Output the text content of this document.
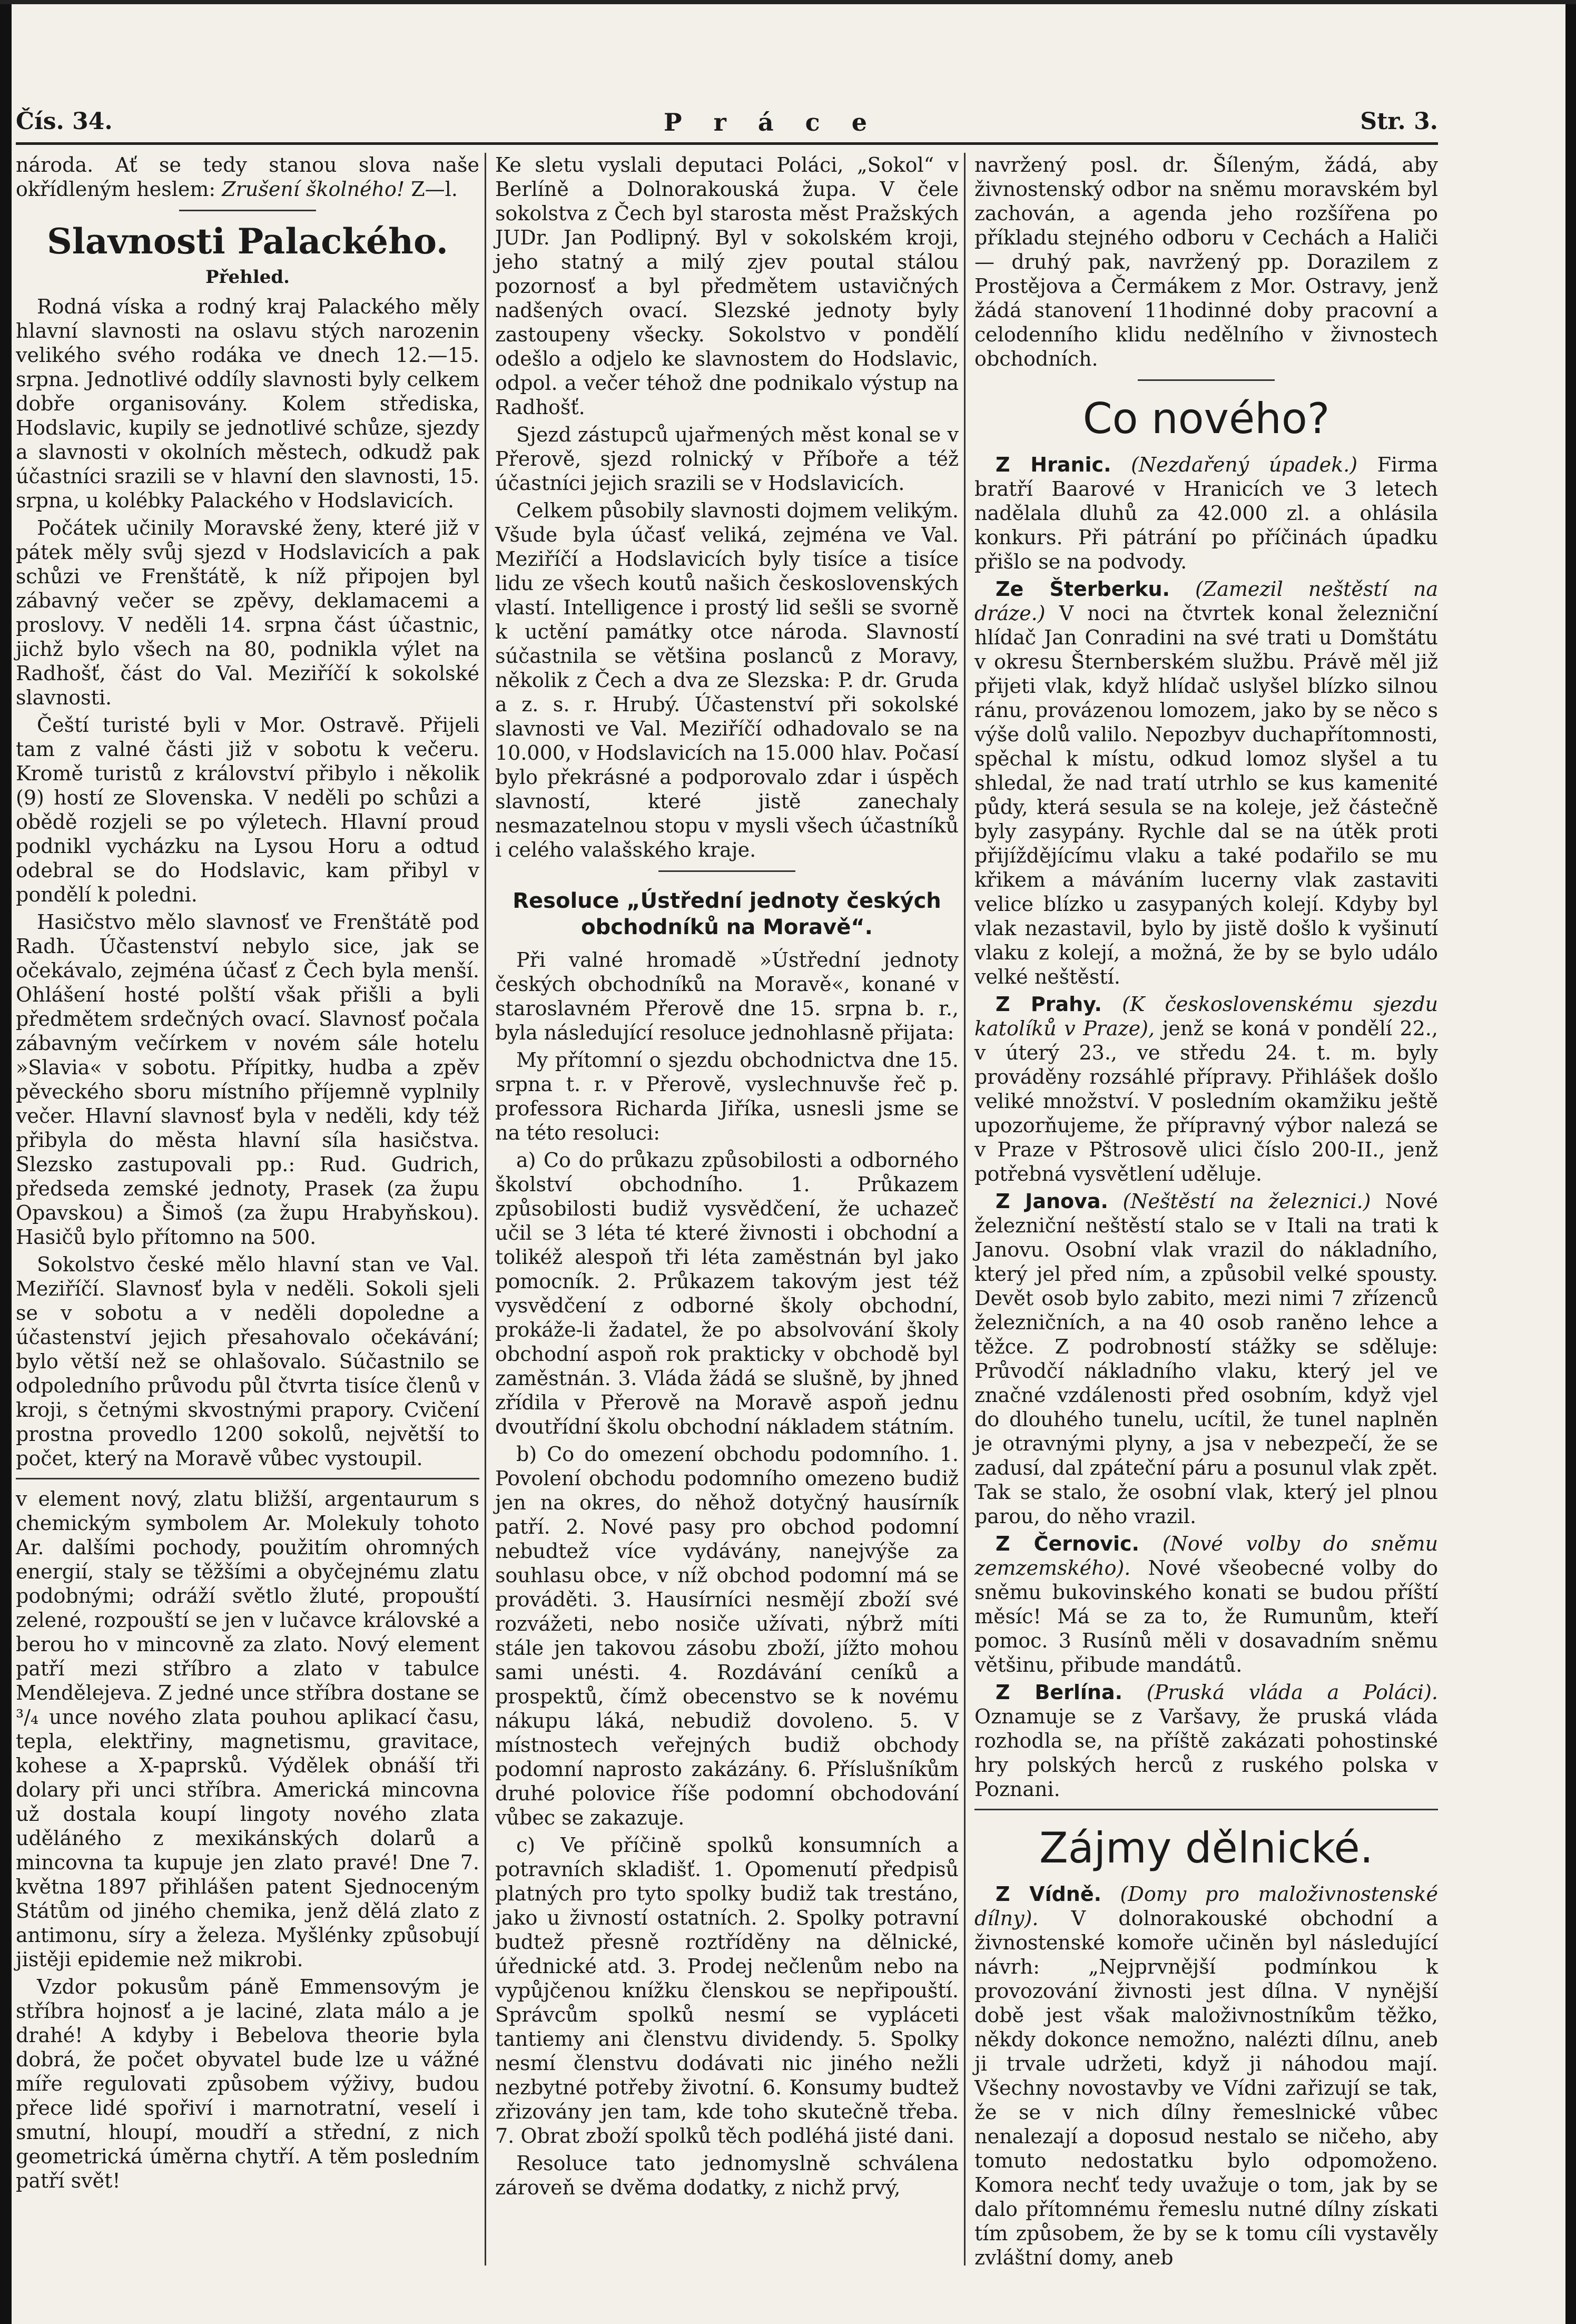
Čís. 34.	P r á c e	Str. 3.

národa. Ať se tedy stanou slova naše okřídleným heslem: Zrušení školného! Z—l.

Slavnosti Palackého.
Přehled.

Rodná víska a rodný kraj Palackého měly hlavní slavnosti na oslavu stých narozenin velikého svého rodáka ve dnech 12.—15. srpna. Jednotlivé oddíly slavnosti byly celkem dobře organisovány. Kolem střediska, Hodslavic, kupily se jednotlivé schůze, sjezdy a slavnosti v okolních městech, odkudž pak účastníci srazili se v hlavní den slavnosti, 15. srpna, u kolébky Palackého v Hodslavicích.

Počátek učinily Moravské ženy, které již v pátek měly svůj sjezd v Hodslavicích a pak schůzi ve Frenštátě, k níž připojen byl zábavný večer se zpěvy, deklamacemi a proslovy. V neděli 14. srpna část účastnic, jichž bylo všech na 80, podnikla výlet na Radhošť, část do Val. Meziříčí k sokolské slavnosti.

Čeští turisté byli v Mor. Ostravě. Přijeli tam z valné části již v sobotu k večeru. Kromě turistů z království přibylo i několik (9) hostí ze Slovenska. V neděli po schůzi a obědě rozjeli se po výletech. Hlavní proud podnikl vycházku na Lysou Horu a odtud odebral se do Hodslavic, kam přibyl v pondělí k poledni.

Hasičstvo mělo slavnosť ve Frenštátě pod Radh. Účastenství nebylo sice, jak se očekávalo, zejména účasť z Čech byla menší. Ohlášení hosté polští však přišli a byli předmětem srdečných ovací. Slavnosť počala zábavným večírkem v novém sále hotelu »Slavia« v sobotu. Přípitky, hudba a zpěv pěveckého sboru místního příjemně vyplnily večer. Hlavní slavnosť byla v neděli, kdy též přibyla do města hlavní síla hasičstva. Slezsko zastupovali pp.: Rud. Gudrich, předseda zemské jednoty, Prasek (za župu Opavskou) a Šimoš (za župu Hrabyňskou). Hasičů bylo přítomno na 500.

Sokolstvo české mělo hlavní stan ve Val. Meziříčí. Slavnosť byla v neděli. Sokoli sjeli se v sobotu a v neděli dopoledne a účastenství jejich přesahovalo očekávání; bylo větší než se ohlašovalo. Súčastnilo se odpoledního průvodu půl čtvrta tisíce členů v kroji, s četnými skvostnými prapory. Cvičení prostna provedlo 1200 sokolů, největší to počet, který na Moravě vůbec vystoupil.

v element nový, zlatu bližší, argentaurum s chemickým symbolem Ar. Molekuly tohoto Ar. dalšími pochody, použitím ohromných energií, staly se těžšími a obyčejnému zlatu podobnými; odráží světlo žluté, propouští zelené, rozpouští se jen v lučavce královské a berou ho v mincovně za zlato. Nový element patří mezi stříbro a zlato v tabulce Mendělejeva. Z jedné unce stříbra dostane se ³/₄ unce nového zlata pouhou aplikací času, tepla, elektřiny, magnetismu, gravitace, kohese a X-paprsků. Výdělek obnáší tři dolary při unci stříbra. Americká mincovna už dostala koupí lingoty nového zlata uděláného z mexikánských dolarů a mincovna ta kupuje jen zlato pravé! Dne 7. května 1897 přihlášen patent Sjednoceným Státům od jiného chemika, jenž dělá zlato z antimonu, síry a železa. Myšlénky způsobují jistěji epidemie než mikrobi.

Vzdor pokusům páně Emmensovým je stříbra hojnosť a je laciné, zlata málo a je drahé! A kdyby i Bebelova theorie byla dobrá, že počet obyvatel bude lze u vážné míře regulovati způsobem výživy, budou přece lidé spořiví i marnotratní, veselí i smutní, hloupí, moudří a střední, z nich geometrická úměrna chytří. A těm posledním patří svět!

Ke sletu vyslali deputaci Poláci, „Sokol“ v Berlíně a Dolnorakouská župa. V čele sokolstva z Čech byl starosta měst Pražských JUDr. Jan Podlipný. Byl v sokolském kroji, jeho statný a milý zjev poutal stálou pozornosť a byl předmětem ustavičných nadšených ovací. Slezské jednoty byly zastoupeny všecky. Sokolstvo v pondělí odešlo a odjelo ke slavnostem do Hodslavic, odpol. a večer téhož dne podnikalo výstup na Radhošť.

Sjezd zástupců ujařmených měst konal se v Přerově, sjezd rolnický v Příboře a též účastníci jejich srazili se v Hodslavicích.

Celkem působily slavnosti dojmem velikým. Všude byla účasť veliká, zejména ve Val. Meziříčí a Hodslavicích byly tisíce a tisíce lidu ze všech koutů našich československých vlastí. Intelligence i prostý lid sešli se svorně k uctění památky otce národa. Slavností súčastnila se většina poslanců z Moravy, několik z Čech a dva ze Slezska: P. dr. Gruda a z. s. r. Hrubý. Účastenství při sokolské slavnosti ve Val. Meziříčí odhadovalo se na 10.000, v Hodslavicích na 15.000 hlav. Počasí bylo překrásné a podporovalo zdar i úspěch slavností, které jistě zanechaly nesmazatelnou stopu v mysli všech účastníků i celého valašského kraje.

Resoluce „Ústřední jednoty českých obchodníků na Moravě“.

Při valné hromadě »Ústřední jednoty českých obchodníků na Moravě«, konané v staroslavném Přerově dne 15. srpna b. r., byla následující resoluce jednohlasně přijata:

My přítomní o sjezdu obchodnictva dne 15. srpna t. r. v Přerově, vyslechnuvše řeč p. professora Richarda Jiříka, usnesli jsme se na této resoluci:

a) Co do průkazu způsobilosti a odborného školství obchodního. 1. Průkazem způsobilosti budiž vysvědčení, že uchazeč učil se 3 léta té které živnosti i obchodní a tolikéž alespoň tři léta zaměstnán byl jako pomocník. 2. Průkazem takovým jest též vysvědčení z odborné školy obchodní, prokáže-li žadatel, že po absolvování školy obchodní aspoň rok prakticky v obchodě byl zaměstnán. 3. Vláda žádá se slušně, by jhned zřídila v Přerově na Moravě aspoň jednu dvoutřídní školu obchodní nákladem státním.

b) Co do omezení obchodu podomního. 1. Povolení obchodu podomního omezeno budiž jen na okres, do něhož dotyčný hausírník patří. 2. Nové pasy pro obchod podomní nebudtež více vydávány, nanejvýše za souhlasu obce, v níž obchod podomní má se prováděti. 3. Hausírníci nesmějí zboží své rozvážeti, nebo nosiče užívati, nýbrž míti stále jen takovou zásobu zboží, jížto mohou sami unésti. 4. Rozdávání ceníků a prospektů, čímž obecenstvo se k novému nákupu láká, nebudiž dovoleno. 5. V místnostech veřejných budiž obchody podomní naprosto zakázány. 6. Příslušníkům druhé polovice říše podomní obchodování vůbec se zakazuje.

c) Ve příčině spolků konsumních a potravních skladišť. 1. Opomenutí předpisů platných pro tyto spolky budiž tak trestáno, jako u živností ostatních. 2. Spolky potravní budtež přesně roztříděny na dělnické, úřednické atd. 3. Prodej nečlenům nebo na vypůjčenou knížku členskou se nepřipouští. Správcům spolků nesmí se vypláceti tantiemy ani členstvu dividendy. 5. Spolky nesmí členstvu dodávati nic jiného nežli nezbytné potřeby životní. 6. Konsumy budtež zřizovány jen tam, kde toho skutečně třeba. 7. Obrat zboží spolků těch podléhá jisté dani.

Resoluce tato jednomyslně schválena zároveň se dvěma dodatky, z nichž prvý,

navržený posl. dr. Šíleným, žádá, aby živnostenský odbor na sněmu moravském byl zachován, a agenda jeho rozšířena po příkladu stejného odboru v Cechách a Haliči — druhý pak, navržený pp. Dorazilem z Prostějova a Čermákem z Mor. Ostravy, jenž žádá stanovení 11hodinné doby pracovní a celodenního klidu nedělního v živnostech obchodních.

Co nového?

Z Hranic. (Nezdařený úpadek.) Firma bratří Baarové v Hranicích ve 3 letech nadělala dluhů za 42.000 zl. a ohlásila konkurs. Při pátrání po příčinách úpadku přišlo se na podvody.

Ze Šterberku. (Zamezil neštěstí na dráze.) V noci na čtvrtek konal železniční hlídač Jan Conradini na své trati u Domštátu v okresu Šternberském službu. Právě měl již přijeti vlak, když hlídač uslyšel blízko silnou ránu, provázenou lomozem, jako by se něco s výše dolů valilo. Nepozbyv duchapřítomnosti, spěchal k místu, odkud lomoz slyšel a tu shledal, že nad tratí utrhlo se kus kamenité půdy, která sesula se na koleje, jež částečně byly zasypány. Rychle dal se na útěk proti přijíždějícímu vlaku a také podařilo se mu křikem a máváním lucerny vlak zastaviti velice blízko u zasypaných kolejí. Kdyby byl vlak nezastavil, bylo by jistě došlo k vyšinutí vlaku z kolejí, a možná, že by se bylo událo velké neštěstí.

Z Prahy. (K československému sjezdu katolíků v Praze), jenž se koná v pondělí 22., v úterý 23., ve středu 24. t. m. byly prováděny rozsáhlé přípravy. Přihlášek došlo veliké množství. V posledním okamžiku ještě upozorňujeme, že přípravný výbor nalezá se v Praze v Pštrosově ulici číslo 200-II., jenž potřebná vysvětlení uděluje.

Z Janova. (Neštěstí na železnici.) Nové železniční neštěstí stalo se v Itali na trati k Janovu. Osobní vlak vrazil do nákladního, který jel před ním, a způsobil velké spousty. Devět osob bylo zabito, mezi nimi 7 zřízenců železničních, a na 40 osob raněno lehce a těžce. Z podrobností stážky se sděluje: Průvodčí nákladního vlaku, který jel ve značné vzdálenosti před osobním, když vjel do dlouhého tunelu, ucítil, že tunel naplněn je otravnými plyny, a jsa v nebezpečí, že se zadusí, dal zpáteční páru a posunul vlak zpět. Tak se stalo, že osobní vlak, který jel plnou parou, do něho vrazil.

Z Černovic. (Nové volby do sněmu zemzemského). Nové všeobecné volby do sněmu bukovinského konati se budou příští měsíc! Má se za to, že Rumunům, kteří pomoc. 3 Rusínů měli v dosavadním sněmu většinu, přibude mandátů.

Z Berlína. (Pruská vláda a Poláci). Oznamuje se z Varšavy, že pruská vláda rozhodla se, na příště zakázati pohostinské hry polských herců z ruského polska v Poznani.

Zájmy dělnické.

Z Vídně. (Domy pro maloživnostenské dílny). V dolnorakouské obchodní a živnostenské komoře učiněn byl následující návrh: „Nejprvnější podmínkou k provozování živnosti jest dílna. V nynější době jest však maloživnostníkům těžko, někdy dokonce nemožno, nalézti dílnu, aneb ji trvale udržeti, když ji náhodou mají. Všechny novostavby ve Vídni zařizují se tak, že se v nich dílny řemeslnické vůbec nenalezají a doposud nestalo se ničeho, aby tomuto nedostatku bylo odpomoženo. Komora nechť tedy uvažuje o tom, jak by se dalo přítomnému řemeslu nutné dílny získati tím způsobem, že by se k tomu cíli vystavěly zvláštní domy, aneb
